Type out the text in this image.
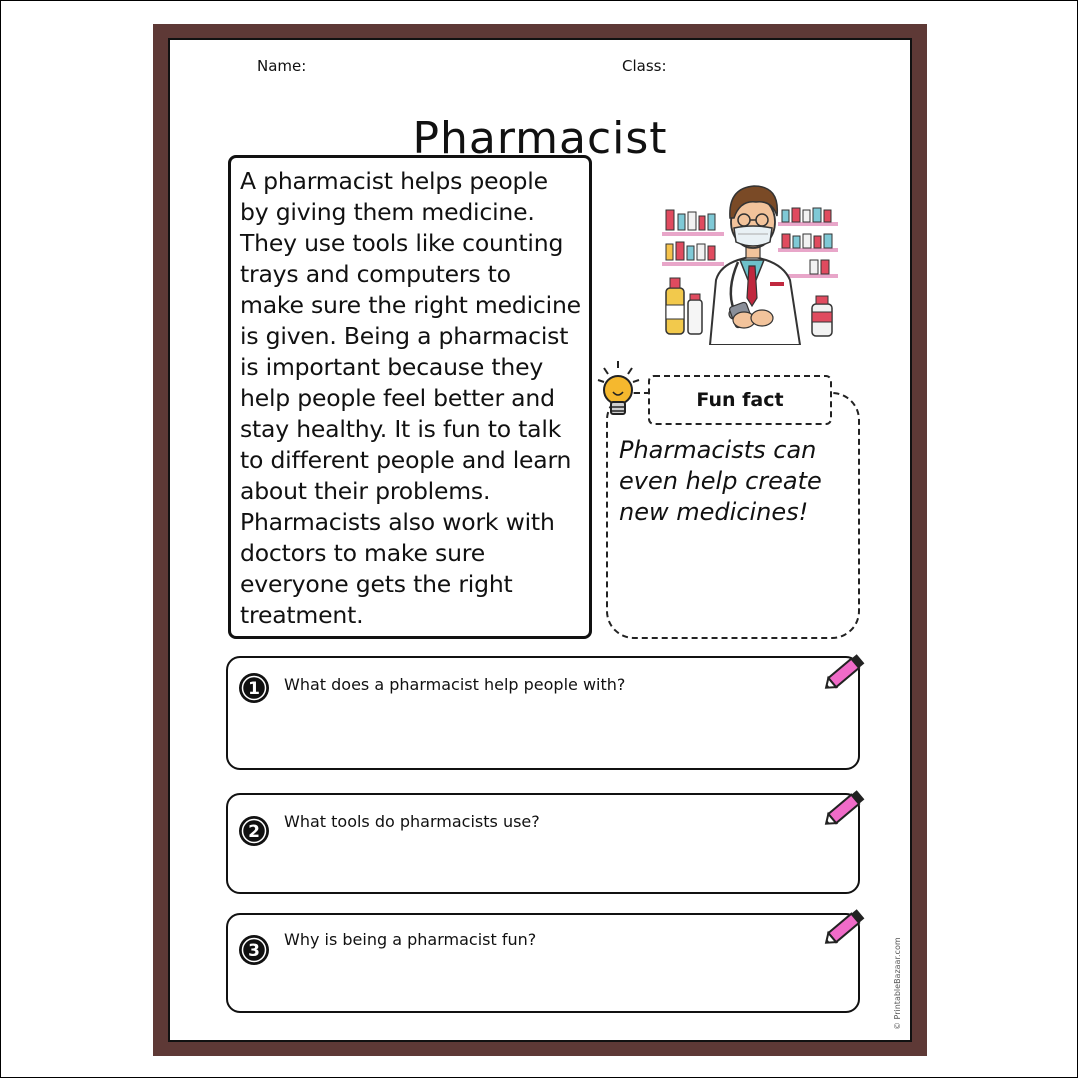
Name:	Class:
Pharmacist

A pharmacist helps people by giving them medicine. They use tools like counting trays and computers to make sure the right medicine is given. Being a pharmacist is important because they help people feel better and stay healthy. It is fun to talk to different people and learn about their problems. Pharmacists also work with doctors to make sure everyone gets the right treatment.

Fun fact

Pharmacists can even help create new medicines!

1 What does a pharmacist help people with?
2
What tools do pharmacists use?
3
Why is being a pharmacist fun?	© PrintableBazaar.com
